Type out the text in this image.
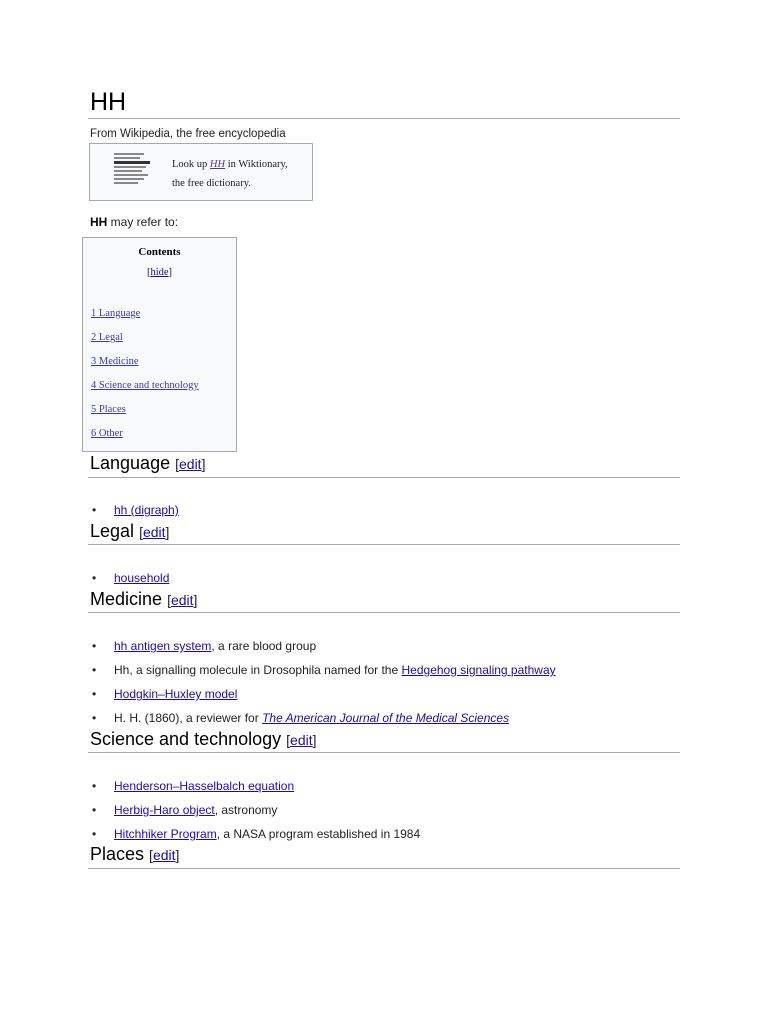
HH
From Wikipedia, the free encyclopedia
Look up HH in Wiktionary,
the free dictionary.
HH may refer to:
Contents
[hide]
1 Language
2 Legal
3 Medicine
4 Science and technology
5 Places
6 Other
Language [edit]
• hh (digraph)
Legal [edit]
• household
Medicine [edit]
• hh antigen system, a rare blood group
• Hh, a signalling molecule in Drosophila named for the Hedgehog signaling pathway
• Hodgkin–Huxley model
• H. H. (1860), a reviewer for The American Journal of the Medical Sciences
Science and technology [edit]
• Henderson–Hasselbalch equation
• Herbig-Haro object, astronomy
• Hitchhiker Program, a NASA program established in 1984
Places [edit]
